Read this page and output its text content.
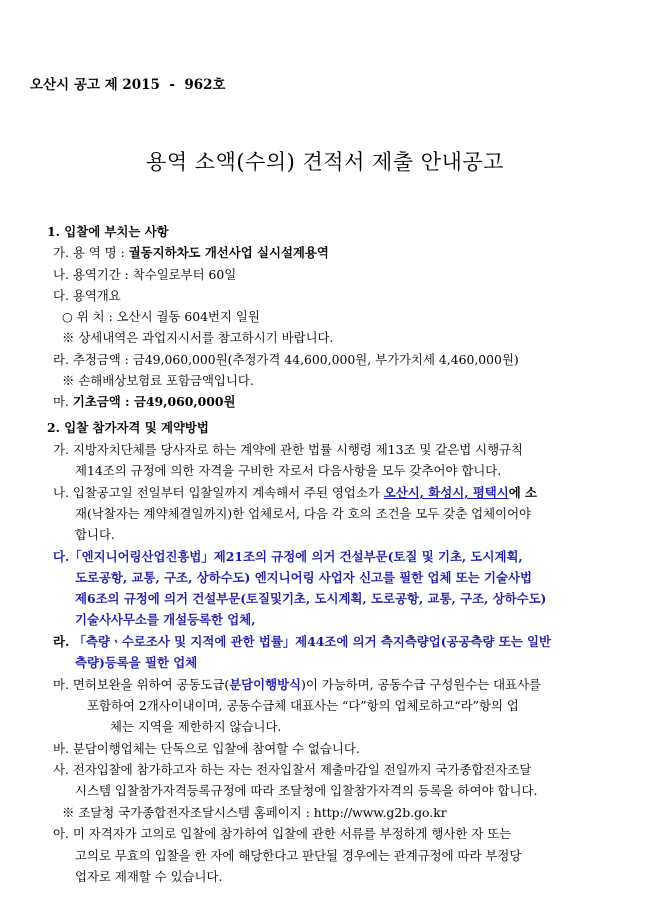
오산시 공고 제 2015  -  962호
용역 소액(수의) 견적서 제출 안내공고
1. 입찰에 부치는 사항
가. 용 역 명 : 궐동지하차도 개선사업 실시설계용역
나. 용역기간 : 착수일로부터 60일
다. 용역개요
○ 위 치 : 오산시 궐동 604번지 일원
※ 상세내역은 과업지시서를 참고하시기 바랍니다.
라. 추정금액 : 금49,060,000원(추정가격 44,600,000원, 부가가치세 4,460,000원)
※ 손해배상보험료 포함금액입니다.
마. 기초금액 : 금49,060,000원
2. 입찰 참가자격 및 계약방법
가. 지방자치단체를 당사자로 하는 계약에 관한 법률 시행령 제13조 및 같은법 시행규칙
제14조의 규정에 의한 자격을 구비한 자로서 다음사항을 모두 갖추어야 합니다.
나. 입찰공고일 전일부터 입찰일까지 계속해서 주된 영업소가 오산시, 화성시, 평택시에 소
재(낙찰자는 계약체결일까지)한 업체로서, 다음 각 호의 조건을 모두 갖춘 업체이어야
합니다.
다.「엔지니어링산업진흥법」제21조의 규정에 의거 건설부문(토질 및 기초, 도시계획,
도로공항, 교통, 구조, 상하수도) 엔지니어링 사업자 신고를 필한 업체 또는 기술사법
제6조의 규정에 의거 건설부문(토질및기초, 도시계획, 도로공항, 교통, 구조, 상하수도)
기술사사무소를 개설등록한 업체,
라. 「측량ㆍ수로조사 및 지적에 관한 법률」제44조에 의거 측지측량업(공공측량 또는 일반
측량)등록을 필한 업체
마. 면허보완을 위하여 공동도급(분담이행방식)이 가능하며, 공동수급 구성원수는 대표사를
포함하여 2개사이내이며, 공동수급체 대표사는 “다”항의 업체로하고“라”항의 업
체는 지역을 제한하지 않습니다.
바. 분담이행업체는 단독으로 입찰에 참여할 수 없습니다.
사. 전자입찰에 참가하고자 하는 자는 전자입찰서 제출마감일 전일까지 국가종합전자조달
시스템 입찰참가자격등록규정에 따라 조달청에 입찰참가자격의 등록을 하여야 합니다.
※ 조달청 국가종합전자조달시스템 홈페이지 : http://www.g2b.go.kr
아. 미 자격자가 고의로 입찰에 참가하여 입찰에 관한 서류를 부정하게 행사한 자 또는
고의로 무효의 입찰을 한 자에 해당한다고 판단될 경우에는 관계규정에 따라 부정당
업자로 제재할 수 있습니다.
